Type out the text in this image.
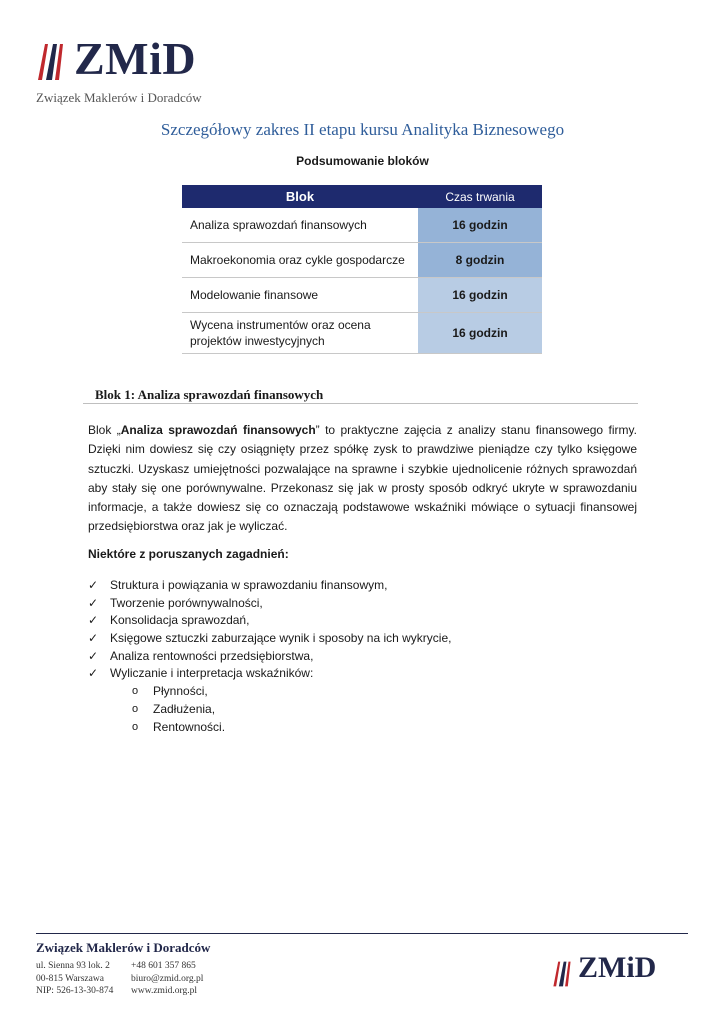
ZMiD
Związek Maklerów i Doradców
Szczegółowy zakres II etapu kursu Analityka Biznesowego
Podsumowanie bloków
Blok	Czas trwania
Analiza sprawozdań finansowych	16 godzin
Makroekonomia oraz cykle gospodarcze	8 godzin
Modelowanie finansowe	16 godzin
Wycena instrumentów oraz ocena projektów inwestycyjnych	16 godzin
Blok 1: Analiza sprawozdań finansowych

Blok „Analiza sprawozdań finansowych” to praktyczne zajęcia z analizy stanu finansowego firmy. Dzięki nim dowiesz się czy osiągnięty przez spółkę zysk to prawdziwe pieniądze czy tylko księgowe sztuczki. Uzyskasz umiejętności pozwalające na sprawne i szybkie ujednolicenie różnych sprawozdań aby stały się one porównywalne. Przekonasz się jak w prosty sposób odkryć ukryte w sprawozdaniu informacje, a także dowiesz się co oznaczają podstawowe wskaźniki mówiące o sytuacji finansowej przedsiębiorstwa oraz jak je wyliczać.

Niektóre z poruszanych zagadnień:
✓ Struktura i powiązania w sprawozdaniu finansowym,
✓ Tworzenie porównywalności,
✓ Konsolidacja sprawozdań,
✓ Księgowe sztuczki zaburzające wynik i sposoby na ich wykrycie,
✓ Analiza rentowności przedsiębiorstwa,
✓ Wyliczanie i interpretacja wskaźników:
o Płynności,
o Zadłużenia,
o Rentowności.
Związek Maklerów i Doradców
ul. Sienna 93 lok. 2
00-815 Warszawa
NIP: 526-13-30-874
+48 601 357 865
biuro@zmid.org.pl
www.zmid.org.pl
ZMiD
